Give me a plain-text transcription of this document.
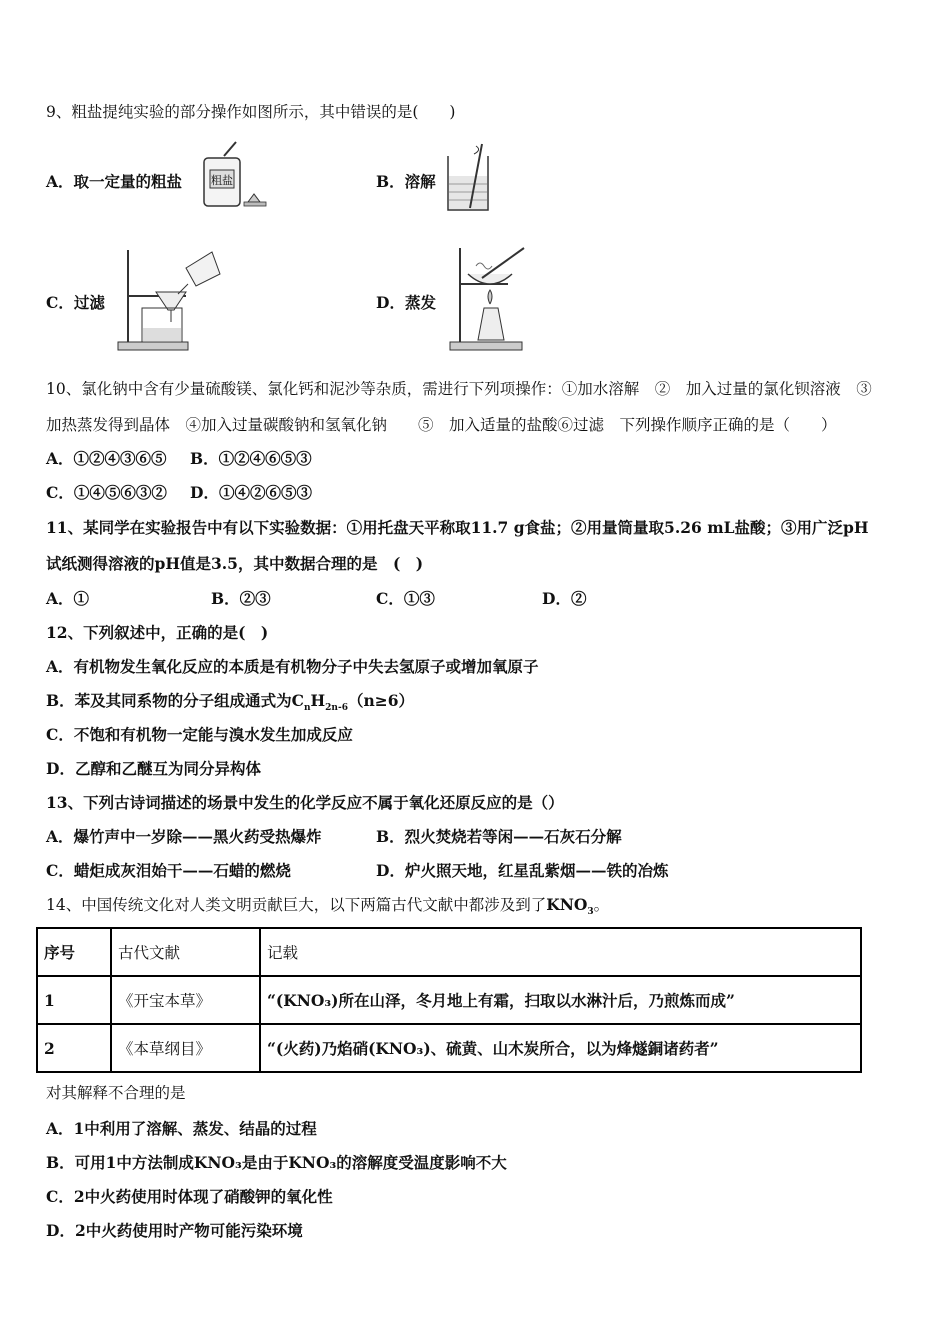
9、粗盐提纯实验的部分操作如图所示，其中错误的是(　　)
A．取一定量的粗盐	粗盐	B．溶解
C．过滤	D．蒸发
10、氯化钠中含有少量硫酸镁、氯化钙和泥沙等杂质，需进行下列项操作：①加水溶解　②　加入过量的氯化钡溶液　③
加热蒸发得到晶体　④加入过量碳酸钠和氢氧化钠　　⑤　加入适量的盐酸⑥过滤　下列操作顺序正确的是（　　）
A．①②④③⑥⑤ B．①②④⑥⑤③
C．①④⑤⑥③② D．①④②⑥⑤③
11、某同学在实验报告中有以下实验数据：①用托盘天平称取11.7 g食盐；②用量筒量取5.26 mL盐酸；③用广泛pH
试纸测得溶液的pH值是3.5，其中数据合理的是　(　)
A．①	B．②③	C．①③	D．②
12、下列叙述中，正确的是(　)
A．有机物发生氧化反应的本质是有机物分子中失去氢原子或增加氧原子
B．苯及其同系物的分子组成通式为$C_nH_{2n-6}(n\ge 6)$
C．不饱和有机物一定能与溴水发生加成反应
D．乙醇和乙醚互为同分异构体
13、下列古诗词描述的场景中发生的化学反应不属于氧化还原反应的是（）
A．爆竹声中一岁除——黑火药受热爆炸	B．烈火焚烧若等闲——石灰石分解
C．蜡炬成灰泪始干——石蜡的燃烧	D．炉火照天地，红星乱紫烟——铁的冶炼
14、中国传统文化对人类文明贡献巨大，以下两篇古代文献中都涉及到了$KNO_3$。
序号	古代文献	记载
1	《开宝本草》	“(KNO₃)所在山泽，冬月地上有霜，扫取以水淋汁后，乃煎炼而成”
2	《本草纲目》	“(火药)乃焰硝(KNO₃)、硫黄、山木炭所合，以为烽燧銅诸药者”
对其解释不合理的是
A．1中利用了溶解、蒸发、结晶的过程
B．可用1中方法制成KNO₃是由于KNO₃的溶解度受温度影响不大
C．2中火药使用时体现了硝酸钾的氧化性
D．2中火药使用时产物可能污染环境
